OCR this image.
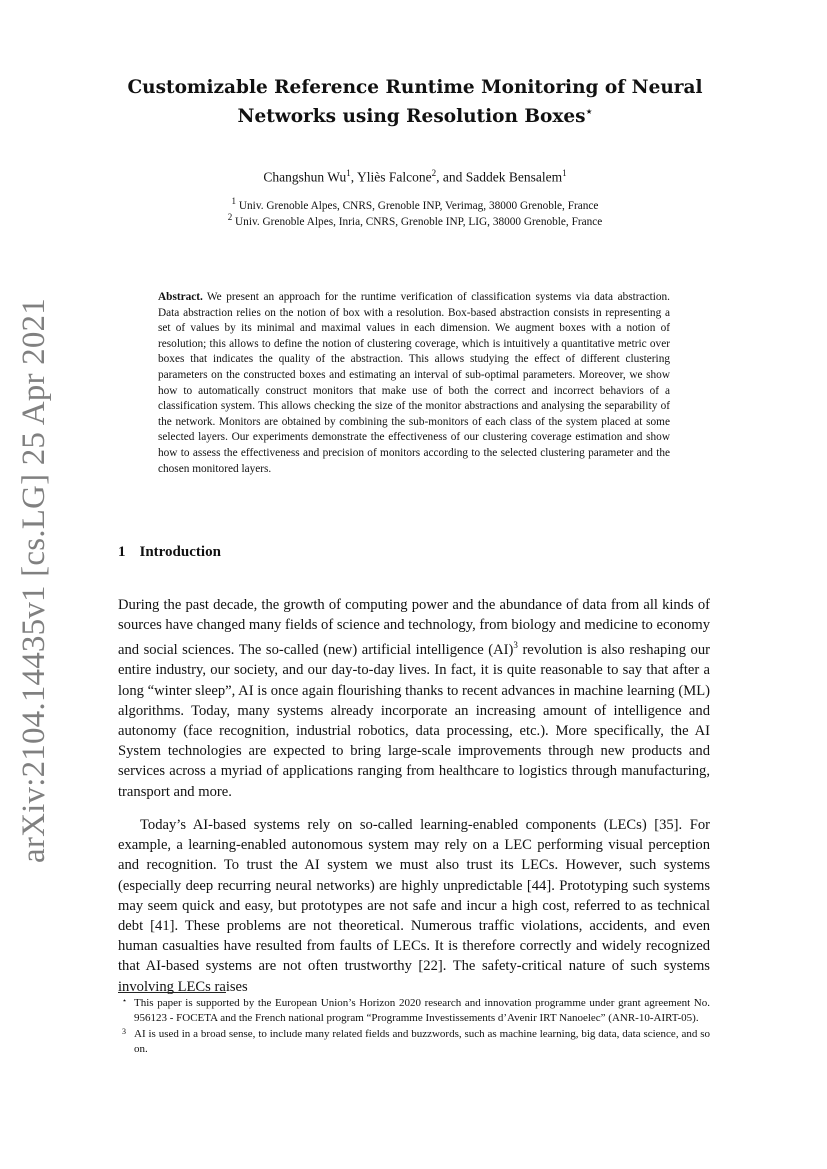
arXiv:2104.14435v1 [cs.LG] 25 Apr 2021
Customizable Reference Runtime Monitoring of Neural Networks using Resolution Boxes⋆
Changshun Wu$^1$, Yliès Falcone$^2$, and Saddek Bensalem$^1$
$^1$ Univ. Grenoble Alpes, CNRS, Grenoble INP, Verimag, 38000 Grenoble, France
$^2$ Univ. Grenoble Alpes, Inria, CNRS, Grenoble INP, LIG, 38000 Grenoble, France
Abstract. We present an approach for the runtime verification of classification systems via data abstraction. Data abstraction relies on the notion of box with a resolution. Box-based abstraction consists in representing a set of values by its minimal and maximal values in each dimension. We augment boxes with a notion of resolution; this allows to define the notion of clustering coverage, which is intuitively a quantitative metric over boxes that indicates the quality of the abstraction. This allows studying the effect of different clustering parameters on the constructed boxes and estimating an interval of sub-optimal parameters. Moreover, we show how to automatically construct monitors that make use of both the correct and incorrect behaviors of a classification system. This allows checking the size of the monitor abstractions and analysing the separability of the network. Monitors are obtained by combining the sub-monitors of each class of the system placed at some selected layers. Our experiments demonstrate the effectiveness of our clustering coverage estimation and show how to assess the effectiveness and precision of monitors according to the selected clustering parameter and the chosen monitored layers.
1 Introduction
During the past decade, the growth of computing power and the abundance of data from all kinds of sources have changed many fields of science and technology, from biology and medicine to economy and social sciences. The so-called (new) artificial intelligence (AI)$^3$ revolution is also reshaping our entire industry, our society, and our day-to-day lives. In fact, it is quite reasonable to say that after a long “winter sleep”, AI is once again flourishing thanks to recent advances in machine learning (ML) algorithms. Today, many systems already incorporate an increasing amount of intelligence and autonomy (face recognition, industrial robotics, data processing, etc.). More specifically, the AI System technologies are expected to bring large-scale improvements through new products and services across a myriad of applications ranging from healthcare to logistics through manufacturing, transport and more.
Today’s AI-based systems rely on so-called learning-enabled components (LECs) [35]. For example, a learning-enabled autonomous system may rely on a LEC performing visual perception and recognition. To trust the AI system we must also trust its LECs. However, such systems (especially deep recurring neural networks) are highly unpredictable [44]. Prototyping such systems may seem quick and easy, but prototypes are not safe and incur a high cost, referred to as technical debt [41]. These problems are not theoretical. Numerous traffic violations, accidents, and even human casualties have resulted from faults of LECs. It is therefore correctly and widely recognized that AI-based systems are not often trustworthy [22]. The safety-critical nature of such systems involving LECs raises
⋆ This paper is supported by the European Union’s Horizon 2020 research and innovation programme under grant agreement No. 956123 - FOCETA and the French national program “Programme Investissements d’Avenir IRT Nanoelec” (ANR-10-AIRT-05).
3 AI is used in a broad sense, to include many related fields and buzzwords, such as machine learning, big data, data science, and so on.
